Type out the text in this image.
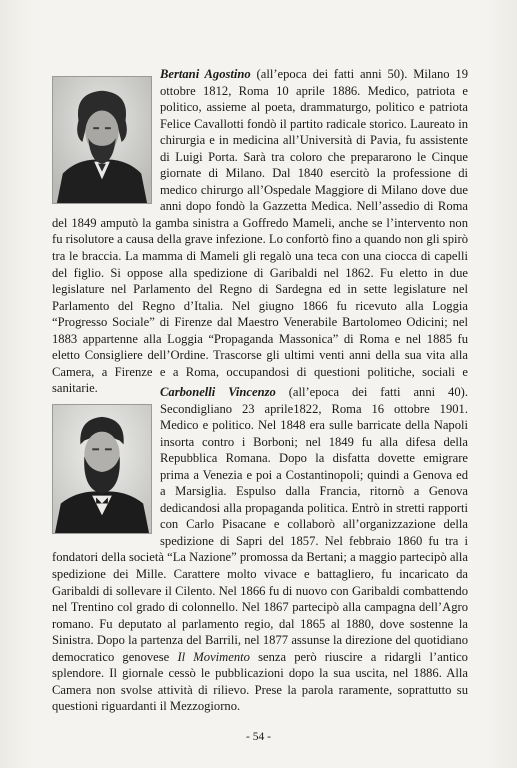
Bertani Agostino (all’epoca dei fatti anni 50). Milano 19 ottobre 1812, Roma 10 aprile 1886. Medico, patriota e politico, assieme al poeta, drammaturgo, politico e patriota Felice Cavallotti fondò il partito radicale storico. Laureato in chirurgia e in medicina all’Università di Pavia, fu assistente di Luigi Porta. Sarà tra coloro che prepararono le Cinque giornate di Milano. Dal 1840 esercitò la professione di medico chirurgo all’Ospedale Maggiore di Milano dove due anni dopo fondò la Gazzetta Medica. Nell’assedio di Roma del 1849 amputò la gamba sinistra a Goffredo Mameli, anche se l’intervento non fu risolutore a causa della grave infezione. Lo confortò fino a quando non gli spirò tra le braccia. La mamma di Mameli gli regalò una teca con una ciocca di capelli del figlio. Si oppose alla spedizione di Garibaldi nel 1862. Fu eletto in due legislature nel Parlamento del Regno di Sardegna ed in sette legislature nel Parlamento del Regno d’Italia. Nel giugno 1866 fu ricevuto alla Loggia “Progresso Sociale” di Firenze dal Maestro Venerabile Bartolomeo Odicini; nel 1883 appartenne alla Loggia “Propaganda Massonica” di Roma e nel 1885 fu eletto Consigliere dell’Ordine. Trascorse gli ultimi venti anni della sua vita alla Camera, a Firenze e a Roma, occupandosi di questioni politiche, sociali e sanitarie.	Carbonelli Vincenzo (all’epoca dei fatti anni 40). Secondigliano 23 aprile1822, Roma 16 ottobre 1901. Medico e politico. Nel 1848 era sulle barricate della Napoli insorta contro i Borboni; nel 1849 fu alla difesa della Repubblica Romana. Dopo la disfatta dovette emigrare prima a Venezia e poi a Costantinopoli; quindi a Genova ed a Marsiglia. Espulso dalla Francia, ritornò a Genova dedicandosi alla propaganda politica. Entrò in stretti rapporti con Carlo Pisacane e collaborò all’organizzazione della spedizione di Sapri del 1857. Nel febbraio 1860 fu tra i fondatori della società “La Nazione” promossa da Bertani; a maggio partecipò alla spedizione dei Mille. Carattere molto vivace e battagliero, fu incaricato da Garibaldi di sollevare il Cilento. Nel 1866 fu di nuovo con Garibaldi combattendo nel Trentino col grado di colonnello. Nel 1867 partecipò alla campagna dell’Agro romano. Fu deputato al parlamento regio, dal 1865 al 1880, dove sostenne la Sinistra. Dopo la partenza del Barrili, nel 1877 assunse la direzione del quotidiano democratico genovese Il Movimento senza però riuscire a ridargli l’antico splendore. Il giornale cessò le pubblicazioni dopo la sua uscita, nel 1886. Alla Camera non svolse attività di rilievo. Prese la parola raramente, soprattutto su questioni riguardanti il Mezzogiorno.
- 54 -
